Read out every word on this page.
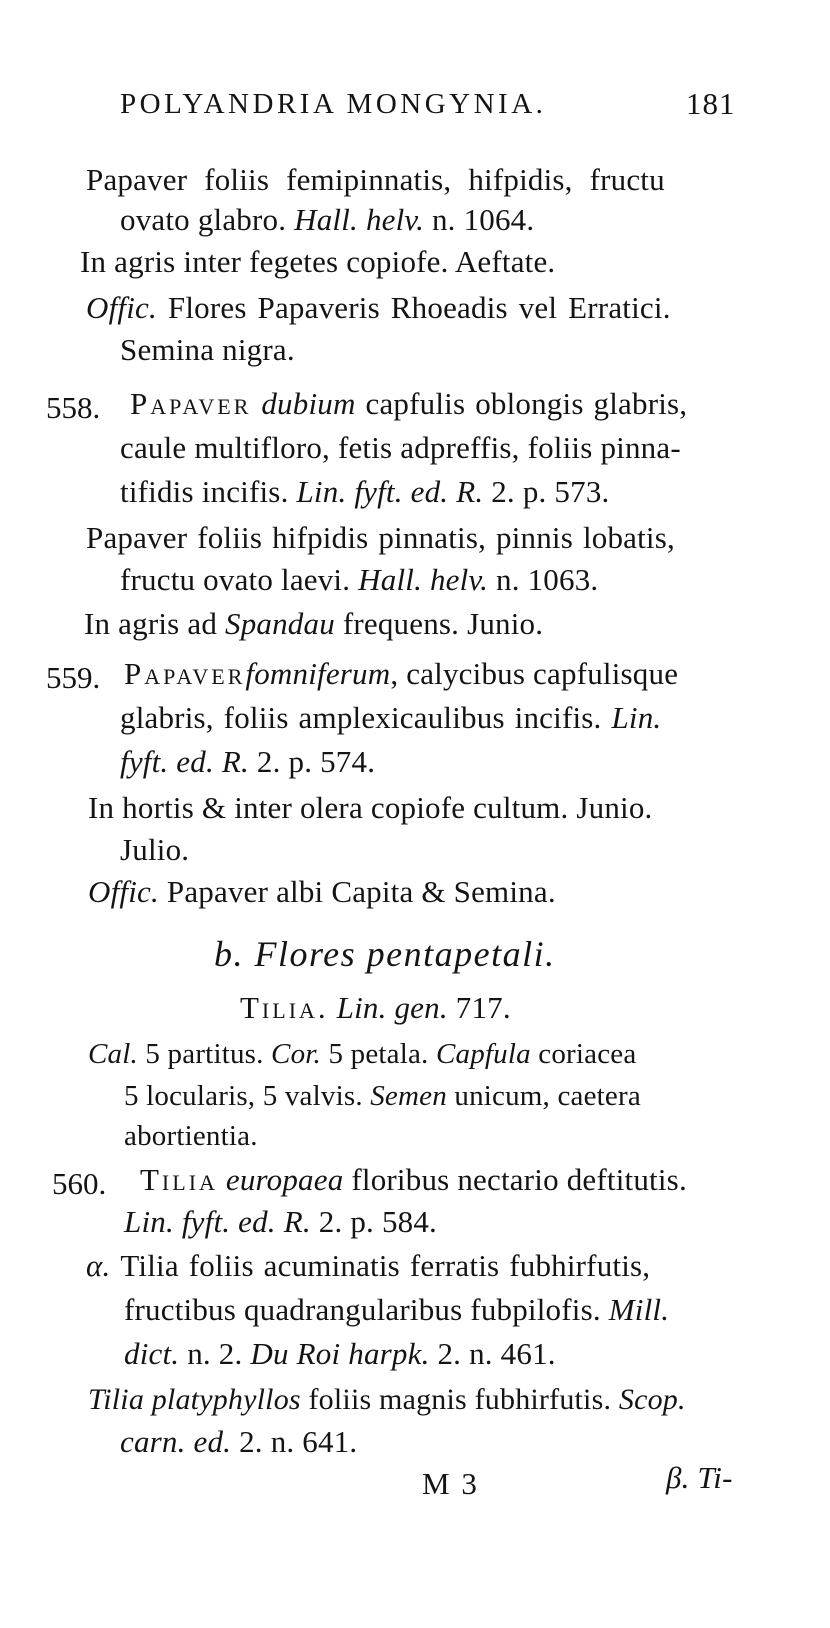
POLYANDRIA MONGYNIA.	181
Papaver foliis femipinnatis, hifpidis, fructu
ovato glabro. Hall. helv. n. 1064.
In agris inter fegetes copiofe. Aeftate.
Offic. Flores Papaveris Rhoeadis vel Erratici.
Semina nigra.
558. Papaver dubium capfulis oblongis glabris,
caule multifloro, fetis adpreffis, foliis pinna-
tifidis incifis. Lin. fyft. ed. R. 2. p. 573.
Papaver foliis hifpidis pinnatis, pinnis lobatis,
fructu ovato laevi. Hall. helv. n. 1063.
In agris ad Spandau frequens. Junio.
559. Papaverfomniferum, calycibus capfulisque
glabris, foliis amplexicaulibus incifis. Lin.
fyft. ed. R. 2. p. 574.
In hortis & inter olera copiofe cultum. Junio.
Julio.
Offic. Papaver albi Capita & Semina.
b. Flores pentapetali.
Tilia. Lin. gen. 717.
Cal. 5 partitus. Cor. 5 petala. Capfula coriacea
5 locularis, 5 valvis. Semen unicum, caetera
abortientia.
560. Tilia europaea floribus nectario deftitutis.
Lin. fyft. ed. R. 2. p. 584.
α. Tilia foliis acuminatis ferratis fubhirfutis,
fructibus quadrangularibus fubpilofis. Mill.
dict. n. 2. Du Roi harpk. 2. n. 461.
Tilia platyphyllos foliis magnis fubhirfutis. Scop.
carn. ed. 2. n. 641.
M 3	β. Ti-
